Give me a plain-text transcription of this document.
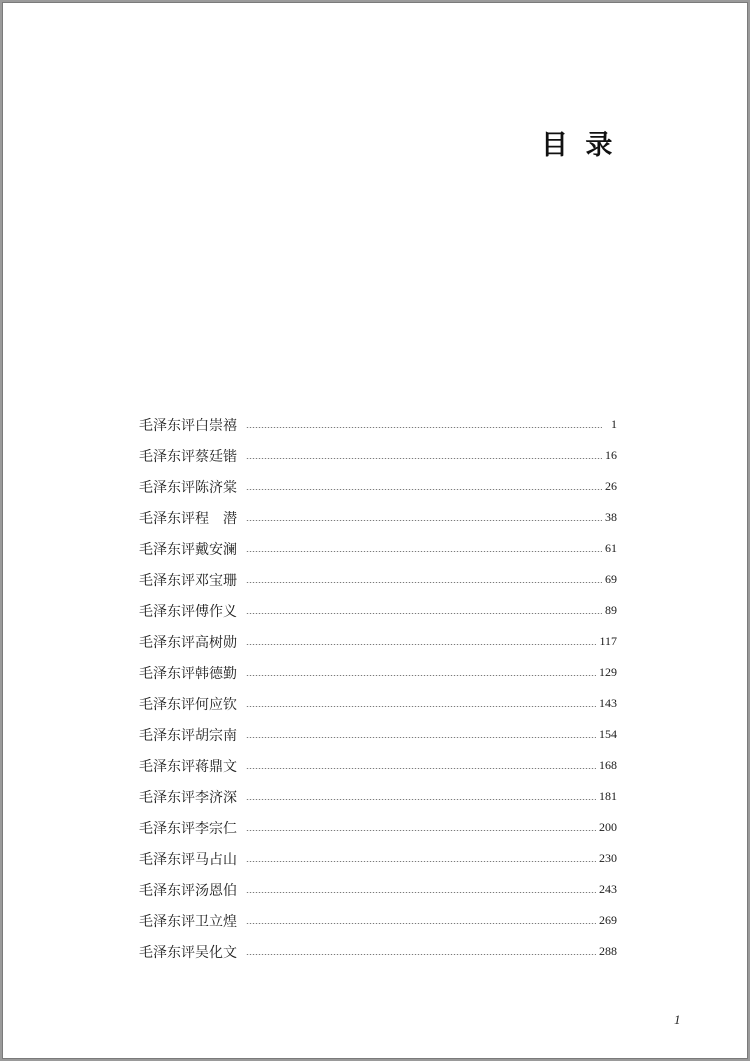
目 录
毛泽东评白崇禧	1
毛泽东评蔡廷锴	16
毛泽东评陈济棠	26
毛泽东评程　潜	38
毛泽东评戴安澜	61
毛泽东评邓宝珊	69
毛泽东评傅作义	89
毛泽东评高树勋	117
毛泽东评韩德勤	129
毛泽东评何应钦	143
毛泽东评胡宗南	154
毛泽东评蒋鼎文	168
毛泽东评李济深	181
毛泽东评李宗仁	200
毛泽东评马占山	230
毛泽东评汤恩伯	243
毛泽东评卫立煌	269
毛泽东评吴化文	288
1
